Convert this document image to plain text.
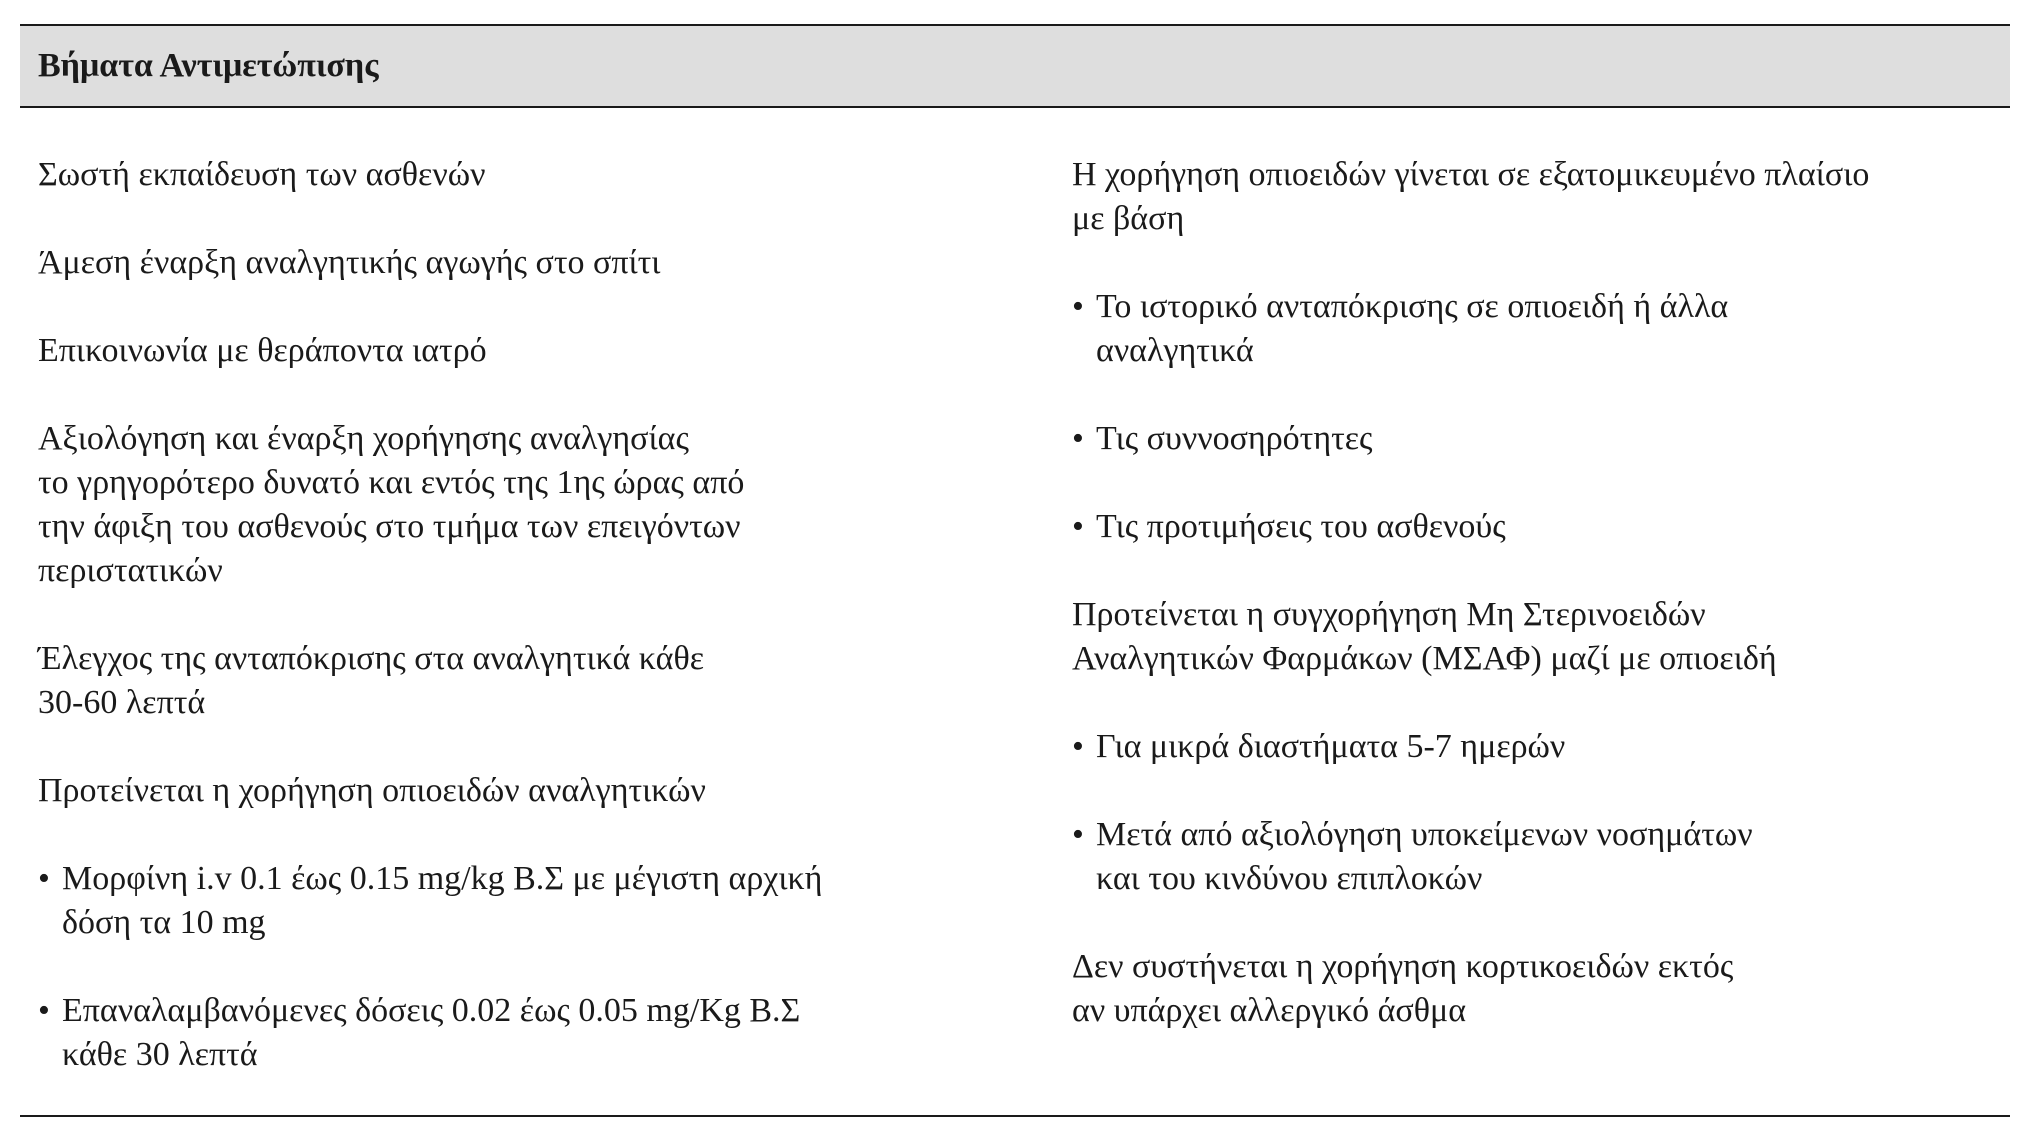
Βήματα Αντιμετώπισης
Σωστή εκπαίδευση των ασθενών
Άμεση έναρξη αναλγητικής αγωγής στο σπίτι
Επικοινωνία με θεράποντα ιατρό
Αξιολόγηση και έναρξη χορήγησης αναλγησίας
το γρηγορότερο δυνατό και εντός της 1ης ώρας από
την άφιξη του ασθενούς στο τμήμα των επειγόντων
περιστατικών
Έλεγχος της ανταπόκρισης στα αναλγητικά κάθε
30-60 λεπτά
Προτείνεται η χορήγηση οπιοειδών αναλγητικών
• Μορφίνη i.v 0.1 έως 0.15 mg/kg Β.Σ με μέγιστη αρχική
δόση τα 10 mg
• Επαναλαμβανόμενες δόσεις 0.02 έως 0.05 mg/Kg Β.Σ
κάθε 30 λεπτά
Η χορήγηση οπιοειδών γίνεται σε εξατομικευμένο πλαίσιο
με βάση
• Το ιστορικό ανταπόκρισης σε οπιοειδή ή άλλα
αναλγητικά
• Τις συννοσηρότητες
• Τις προτιμήσεις του ασθενούς
Προτείνεται η συγχορήγηση Μη Στερινοειδών
Αναλγητικών Φαρμάκων (ΜΣΑΦ) μαζί με οπιοειδή
• Για μικρά διαστήματα 5-7 ημερών
• Μετά από αξιολόγηση υποκείμενων νοσημάτων
και του κινδύνου επιπλοκών
Δεν συστήνεται η χορήγηση κορτικοειδών εκτός
αν υπάρχει αλλεργικό άσθμα
